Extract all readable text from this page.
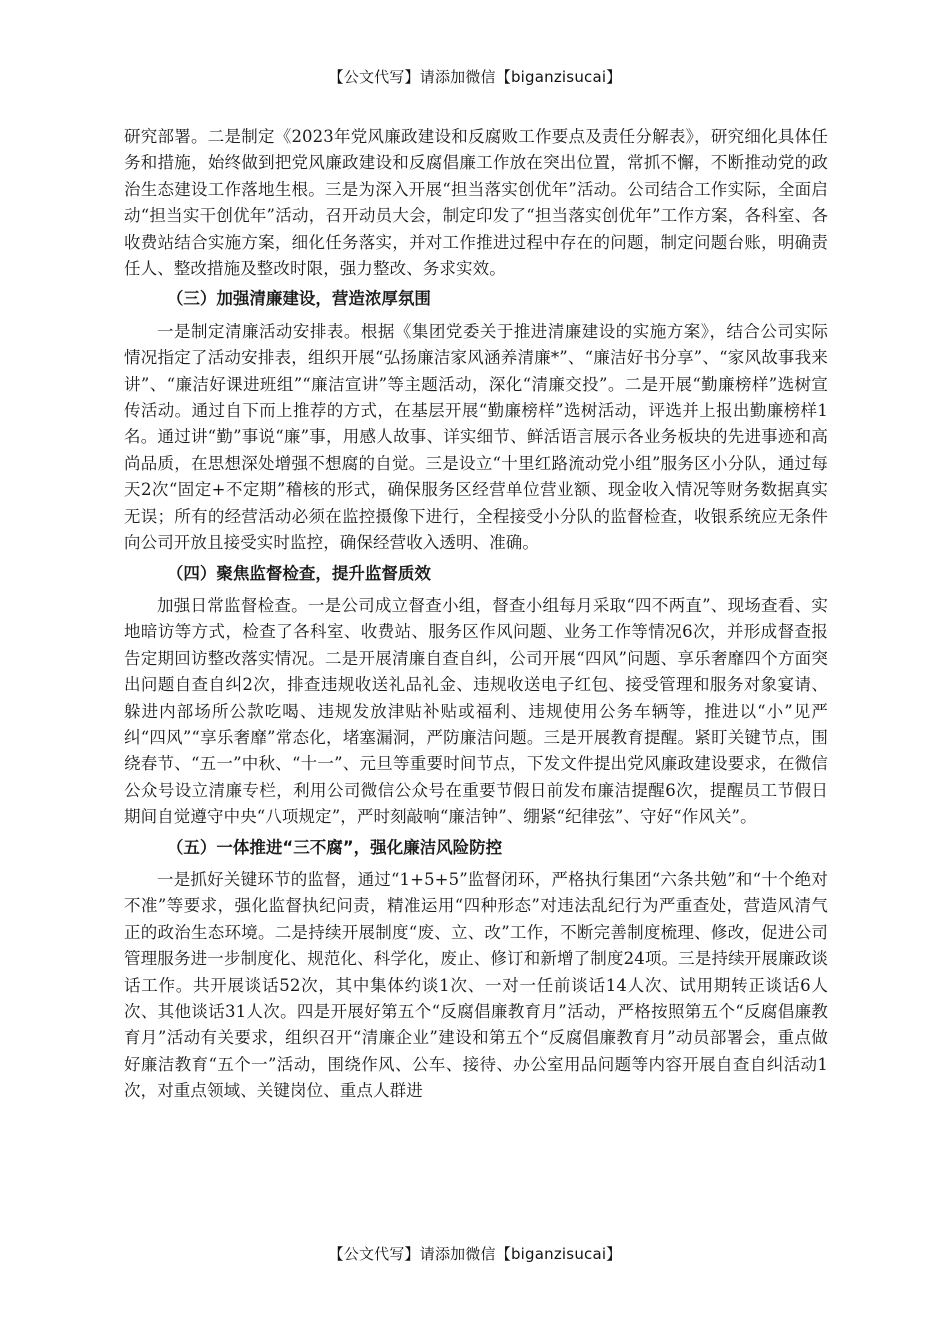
【公文代写】请添加微信【biganzisucai】

研究部署。二是制定《2023年党风廉政建设和反腐败工作要点及责任分解表》，研究细化具体任务和措施，始终做到把党风廉政建设和反腐倡廉工作放在突出位置，常抓不懈，不断推动党的政治生态建设工作落地生根。三是为深入开展“担当落实创优年”活动。公司结合工作实际，全面启动“担当实干创优年”活动，召开动员大会，制定印发了“担当落实创优年”工作方案，各科室、各收费站结合实施方案，细化任务落实，并对工作推进过程中存在的问题，制定问题台账，明确责任人、整改措施及整改时限，强力整改、务求实效。

（三）加强清廉建设，营造浓厚氛围

一是制定清廉活动安排表。根据《集团党委关于推进清廉建设的实施方案》，结合公司实际情况指定了活动安排表，组织开展“弘扬廉洁家风涵养清廉*”、“廉洁好书分享”、“家风故事我来讲”、“廉洁好课进班组”“廉洁宣讲”等主题活动，深化“清廉交投”。二是开展“勤廉榜样”选树宣传活动。通过自下而上推荐的方式，在基层开展“勤廉榜样”选树活动，评选并上报出勤廉榜样1名。通过讲“勤”事说“廉”事，用感人故事、详实细节、鲜活语言展示各业务板块的先进事迹和高尚品质，在思想深处增强不想腐的自觉。三是设立“十里红路流动党小组”服务区小分队，通过每天2次“固定+不定期”稽核的形式，确保服务区经营单位营业额、现金收入情况等财务数据真实无误；所有的经营活动必须在监控摄像下进行，全程接受小分队的监督检查，收银系统应无条件向公司开放且接受实时监控，确保经营收入透明、准确。

（四）聚焦监督检查，提升监督质效

加强日常监督检查。一是公司成立督查小组，督查小组每月采取“四不两直”、现场查看、实地暗访等方式，检查了各科室、收费站、服务区作风问题、业务工作等情况6次，并形成督查报告定期回访整改落实情况。二是开展清廉自查自纠，公司开展“四风”问题、享乐奢靡四个方面突出问题自查自纠2次，排查违规收送礼品礼金、违规收送电子红包、接受管理和服务对象宴请、躲进内部场所公款吃喝、违规发放津贴补贴或福利、违规使用公务车辆等，推进以“小”见严纠“四风”“享乐奢靡”常态化，堵塞漏洞，严防廉洁问题。三是开展教育提醒。紧盯关键节点，围绕春节、“五一”中秋、“十一”、元旦等重要时间节点，下发文件提出党风廉政建设要求，在微信公众号设立清廉专栏，利用公司微信公众号在重要节假日前发布廉洁提醒6次，提醒员工节假日期间自觉遵守中央“八项规定”，严时刻敲响“廉洁钟”、绷紧“纪律弦”、守好“作风关”。

（五）一体推进“三不腐”，强化廉洁风险防控

一是抓好关键环节的监督，通过“1+5+5”监督闭环，严格执行集团“六条共勉”和“十个绝对不准”等要求，强化监督执纪问责，精准运用“四种形态”对违法乱纪行为严重查处，营造风清气正的政治生态环境。二是持续开展制度“废、立、改”工作，不断完善制度梳理、修改，促进公司管理服务进一步制度化、规范化、科学化，废止、修订和新增了制度24项。三是持续开展廉政谈话工作。共开展谈话52次，其中集体约谈1次、一对一任前谈话14人次、试用期转正谈话6人次、其他谈话31人次。四是开展好第五个“反腐倡廉教育月”活动，严格按照第五个“反腐倡廉教育月”活动有关要求，组织召开“清廉企业”建设和第五个“反腐倡廉教育月”动员部署会，重点做好廉洁教育“五个一”活动，围绕作风、公车、接待、办公室用品问题等内容开展自查自纠活动1次，对重点领域、关键岗位、重点人群进

【公文代写】请添加微信【biganzisucai】
